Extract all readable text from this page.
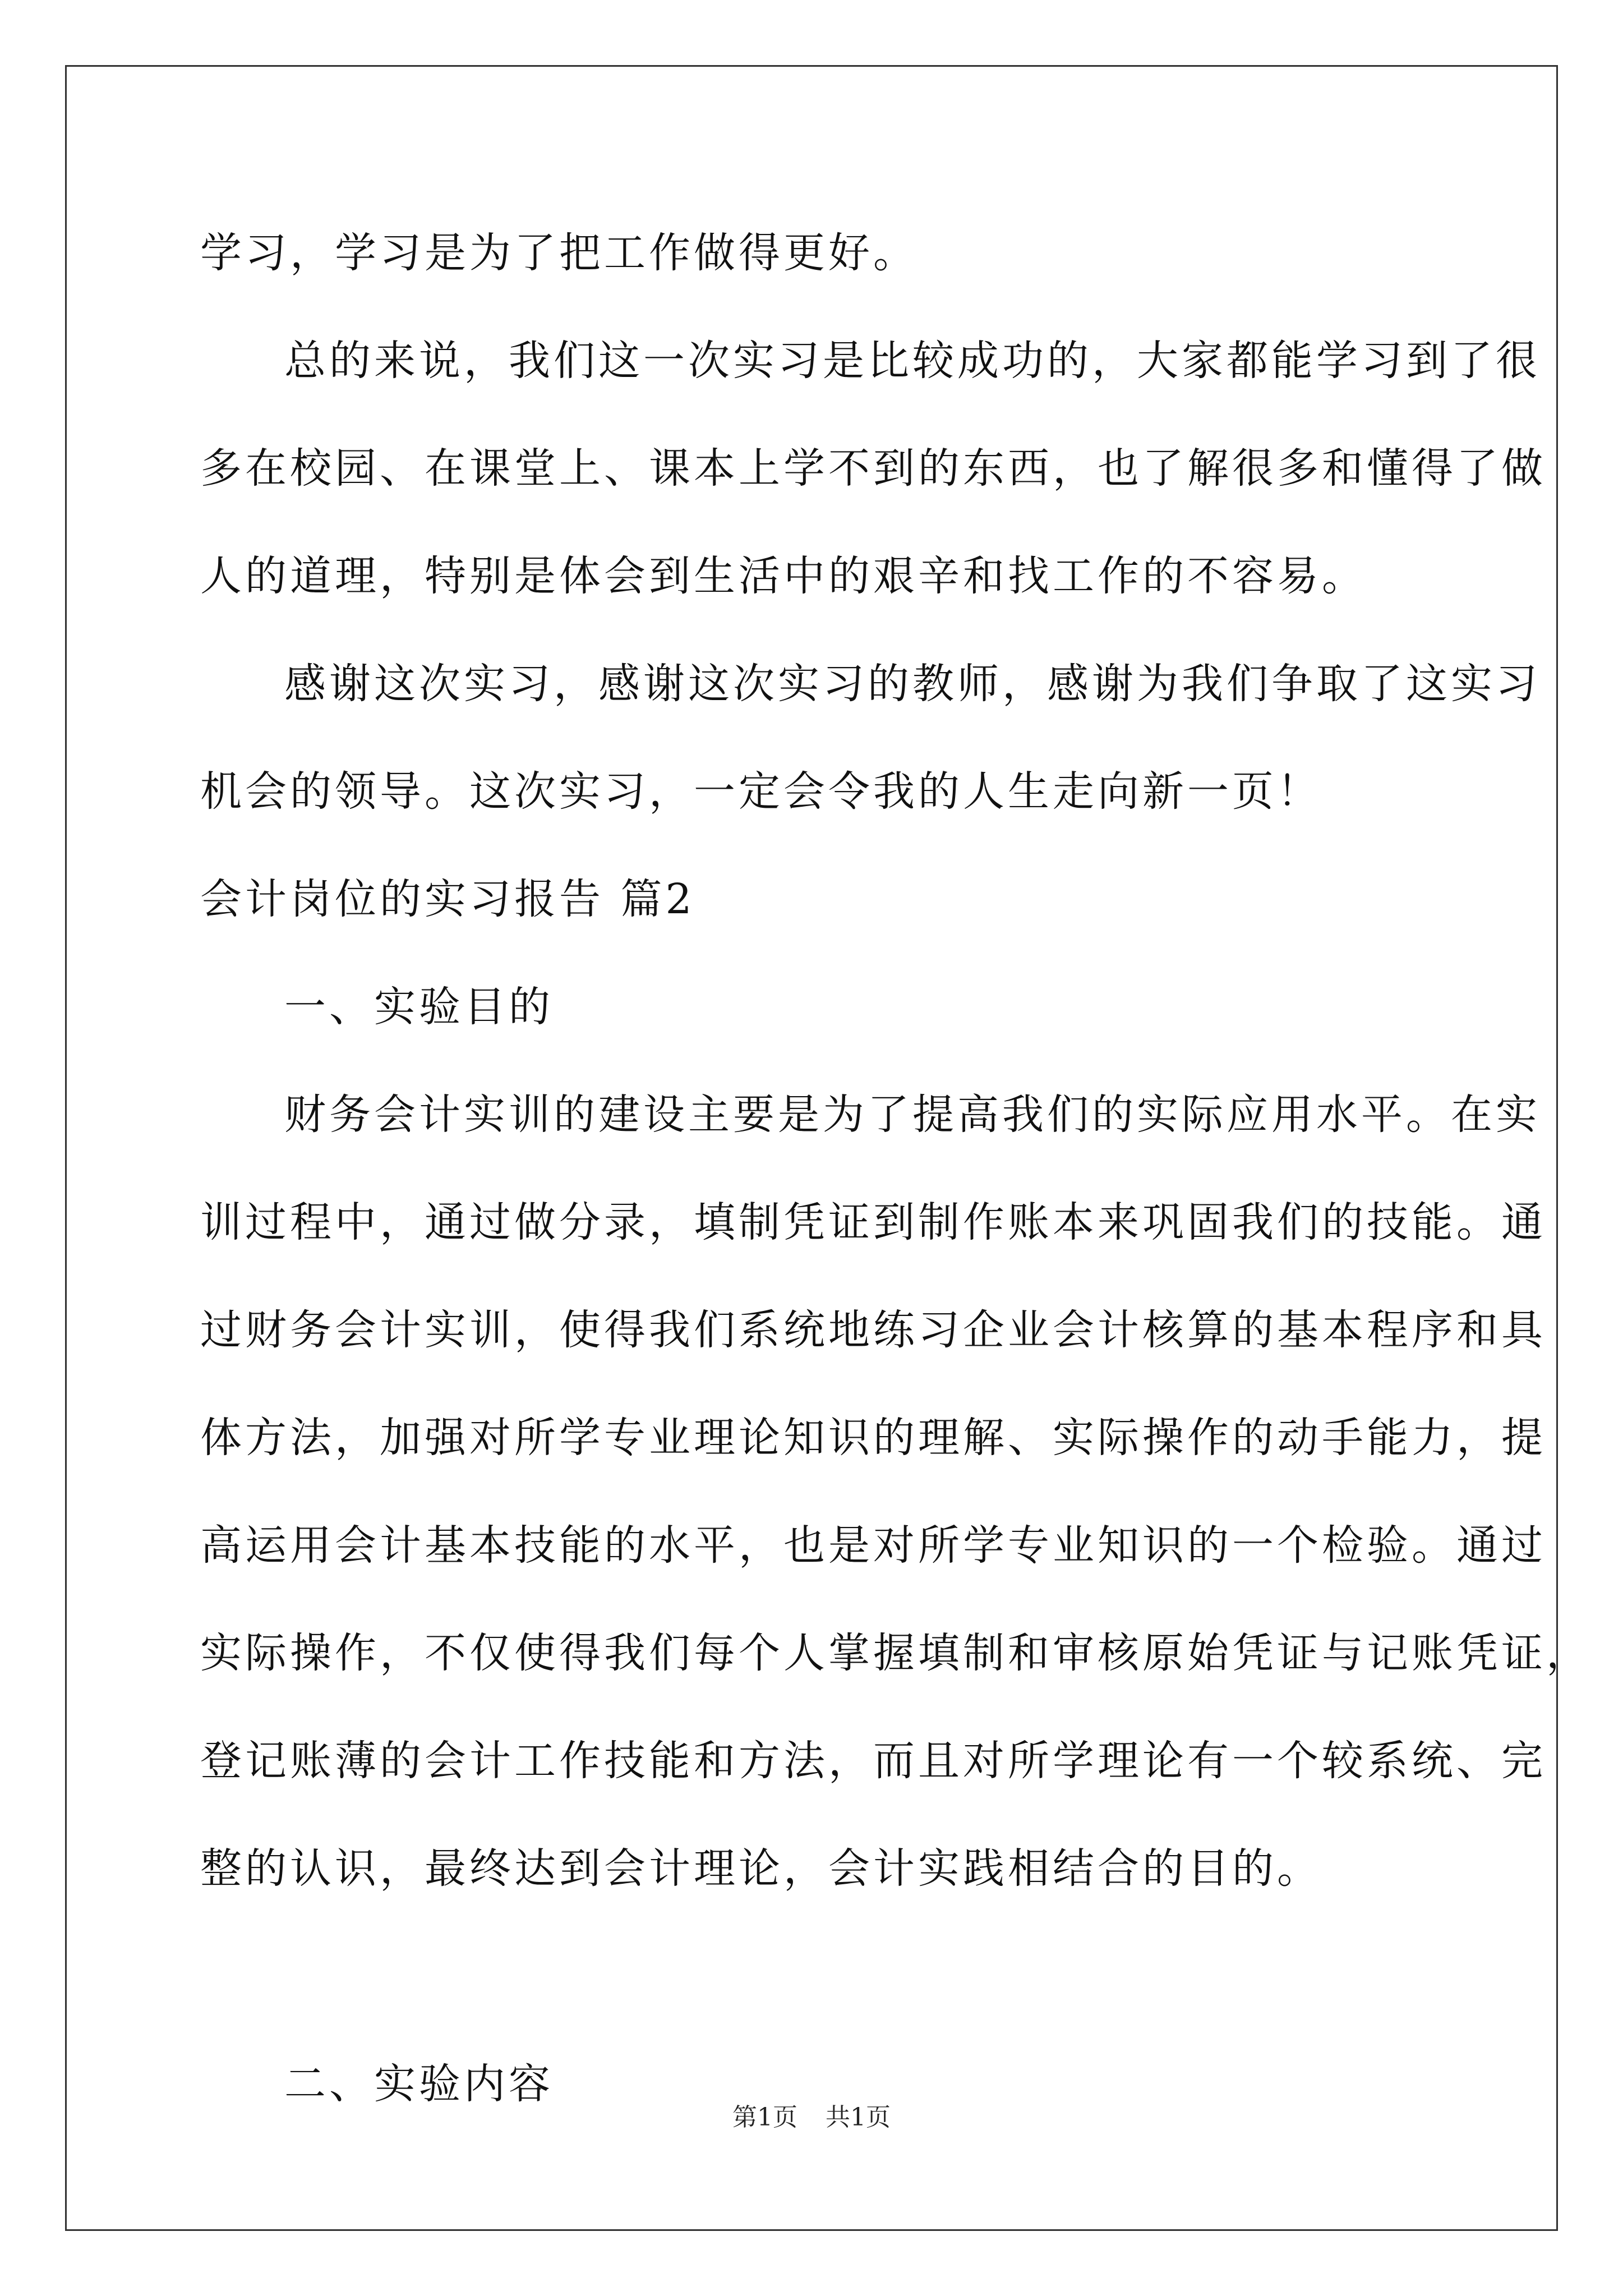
学习，学习是为了把工作做得更好。
总的来说，我们这一次实习是比较成功的，大家都能学习到了很
多在校园、在课堂上、课本上学不到的东西，也了解很多和懂得了做
人的道理，特别是体会到生活中的艰辛和找工作的不容易。
感谢这次实习，感谢这次实习的教师，感谢为我们争取了这实习
机会的领导。这次实习，一定会令我的人生走向新一页！
会计岗位的实习报告 篇2
一、实验目的
财务会计实训的建设主要是为了提高我们的实际应用水平。在实
训过程中，通过做分录，填制凭证到制作账本来巩固我们的技能。通
过财务会计实训，使得我们系统地练习企业会计核算的基本程序和具
体方法，加强对所学专业理论知识的理解、实际操作的动手能力，提
高运用会计基本技能的水平，也是对所学专业知识的一个检验。通过
实际操作，不仅使得我们每个人掌握填制和审核原始凭证与记账凭证，
登记账薄的会计工作技能和方法，而且对所学理论有一个较系统、完
整的认识，最终达到会计理论，会计实践相结合的目的。
二、实验内容
第1页 共1页
